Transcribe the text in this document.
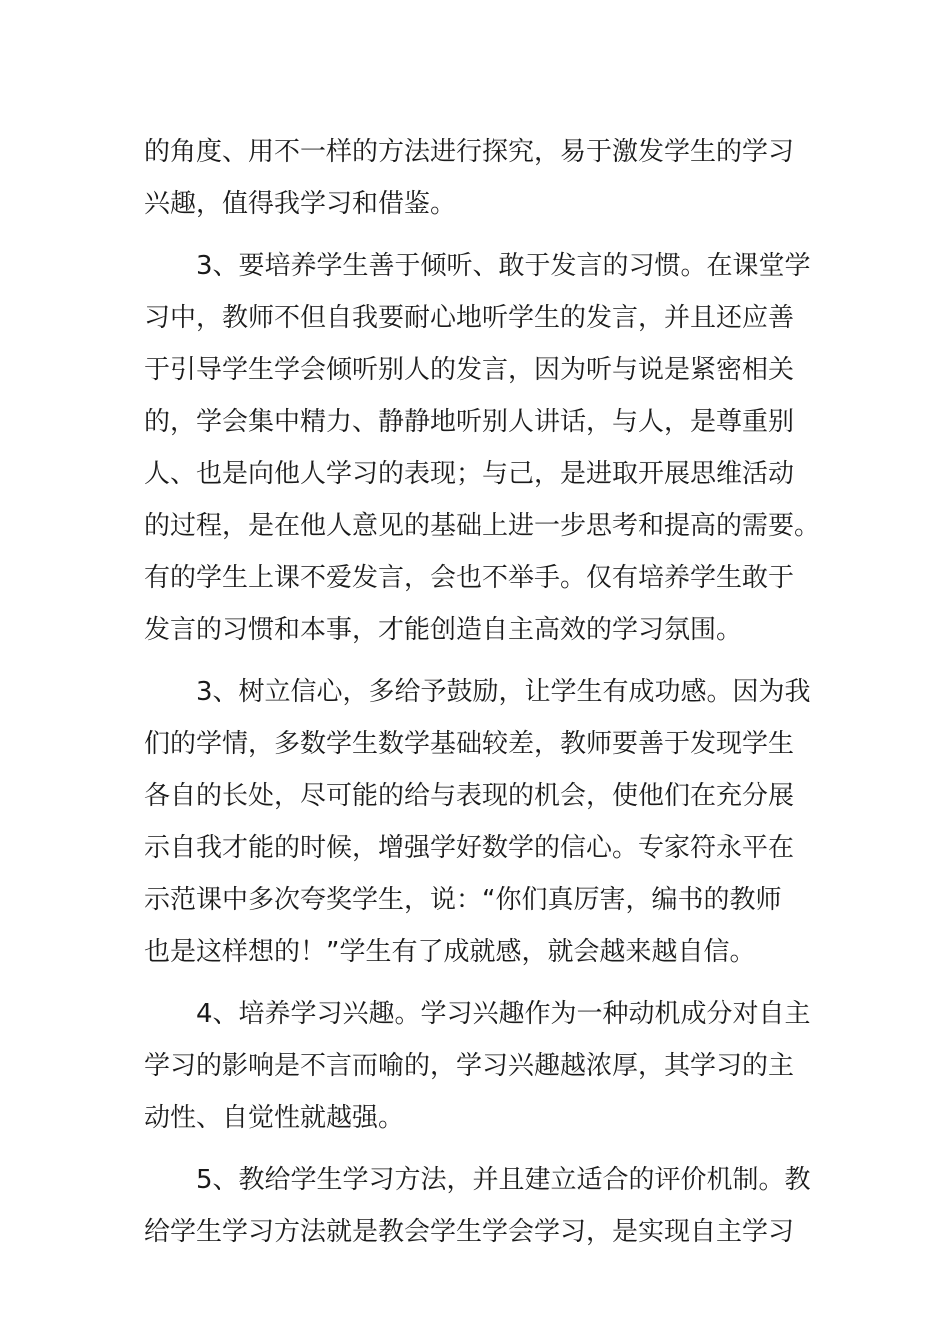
的角度、用不一样的方法进行探究，易于激发学生的学习
兴趣，值得我学习和借鉴。
3、要培养学生善于倾听、敢于发言的习惯。在课堂学
习中，教师不但自我要耐心地听学生的发言，并且还应善
于引导学生学会倾听别人的发言，因为听与说是紧密相关
的，学会集中精力、静静地听别人讲话，与人，是尊重别
人、也是向他人学习的表现；与己，是进取开展思维活动
的过程，是在他人意见的基础上进一步思考和提高的需要。
有的学生上课不爱发言，会也不举手。仅有培养学生敢于
发言的习惯和本事，才能创造自主高效的学习氛围。
3、树立信心，多给予鼓励，让学生有成功感。因为我
们的学情，多数学生数学基础较差，教师要善于发现学生
各自的长处，尽可能的给与表现的机会，使他们在充分展
示自我才能的时候，增强学好数学的信心。专家符永平在
示范课中多次夸奖学生，说：“你们真厉害，编书的教师
也是这样想的！”学生有了成就感，就会越来越自信。
4、培养学习兴趣。学习兴趣作为一种动机成分对自主
学习的影响是不言而喻的，学习兴趣越浓厚，其学习的主
动性、自觉性就越强。
5、教给学生学习方法，并且建立适合的评价机制。教
给学生学习方法就是教会学生学会学习，是实现自主学习
